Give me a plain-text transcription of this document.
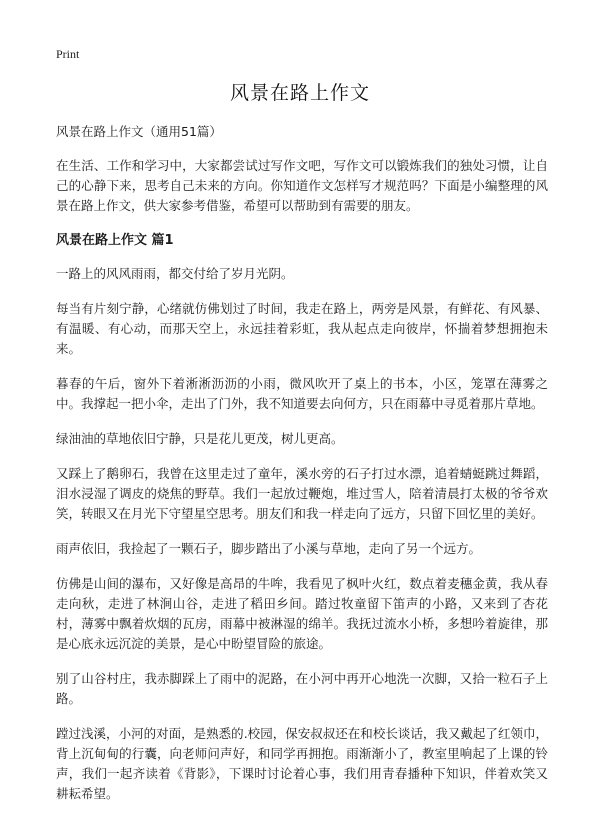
Print
风景在路上作文

风景在路上作文（通用51篇）

在生活、工作和学习中，大家都尝试过写作文吧，写作文可以锻炼我们的独处习惯，让自己的心静下来，思考自己未来的方向。你知道作文怎样写才规范吗？下面是小编整理的风景在路上作文，供大家参考借鉴，希望可以帮助到有需要的朋友。

风景在路上作文 篇1

一路上的风风雨雨，都交付给了岁月光阴。

每当有片刻宁静，心绪就仿佛划过了时间，我走在路上，两旁是风景，有鲜花、有风暴、有温暖、有心动，而那天空上，永远挂着彩虹，我从起点走向彼岸，怀揣着梦想拥抱未来。

暮春的午后，窗外下着淅淅沥沥的小雨，微风吹开了桌上的书本，小区，笼罩在薄雾之中。我撑起一把小伞，走出了门外，我不知道要去向何方，只在雨幕中寻觅着那片草地。

绿油油的草地依旧宁静，只是花儿更茂，树儿更高。

又踩上了鹅卵石，我曾在这里走过了童年，溪水旁的石子打过水漂，追着蜻蜓跳过舞蹈，泪水浸湿了调皮的烧焦的野草。我们一起放过鞭炮，堆过雪人，陪着清晨打太极的爷爷欢笑，转眼又在月光下守望星空思考。朋友们和我一样走向了远方，只留下回忆里的美好。

雨声依旧，我捡起了一颗石子，脚步踏出了小溪与草地，走向了另一个远方。

仿佛是山间的瀑布，又好像是高昂的牛哞，我看见了枫叶火红，数点着麦穗金黄，我从春走向秋，走进了林涧山谷，走进了稻田乡间。踏过牧童留下笛声的小路，又来到了杏花村，薄雾中飘着炊烟的瓦房，雨幕中被淋湿的绵羊。我抚过流水小桥，多想吟着旋律，那是心底永远沉淀的美景，是心中盼望冒险的旅途。

别了山谷村庄，我赤脚踩上了雨中的泥路，在小河中再开心地洗一次脚，又拾一粒石子上路。

蹚过浅溪，小河的对面，是熟悉的.校园，保安叔叔还在和校长谈话，我又戴起了红领巾，背上沉甸甸的行囊，向老师问声好，和同学再拥抱。雨渐渐小了，教室里响起了上课的铃声，我们一起齐读着《背影》，下课时讨论着心事，我们用青春播种下知识，伴着欢笑又耕耘希望。
